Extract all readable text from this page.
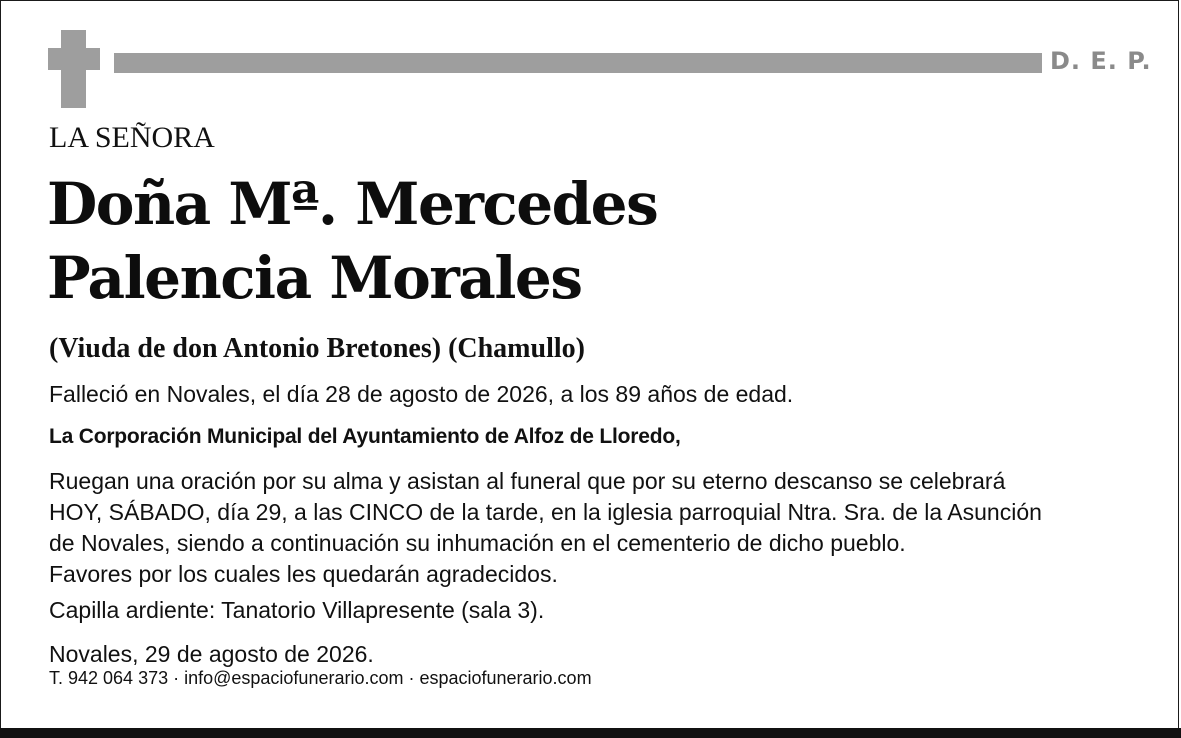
D. E. P.
LA SEÑORA
Doña Mª. Mercedes
Palencia Morales
(Viuda de don Antonio Bretones) (Chamullo)
Falleció en Novales, el día 28 de agosto de 2026, a los 89 años de edad.
La Corporación Municipal del Ayuntamiento de Alfoz de Lloredo,
Ruegan una oración por su alma y asistan al funeral que por su eterno descanso se celebrará
HOY, SÁBADO, día 29, a las CINCO de la tarde, en la iglesia parroquial Ntra. Sra. de la Asunción
de Novales, siendo a continuación su inhumación en el cementerio de dicho pueblo.
Favores por los cuales les quedarán agradecidos.
Capilla ardiente: Tanatorio Villapresente (sala 3).
Novales, 29 de agosto de 2026.
T. 942 064 373 · info@espaciofunerario.com · espaciofunerario.com
